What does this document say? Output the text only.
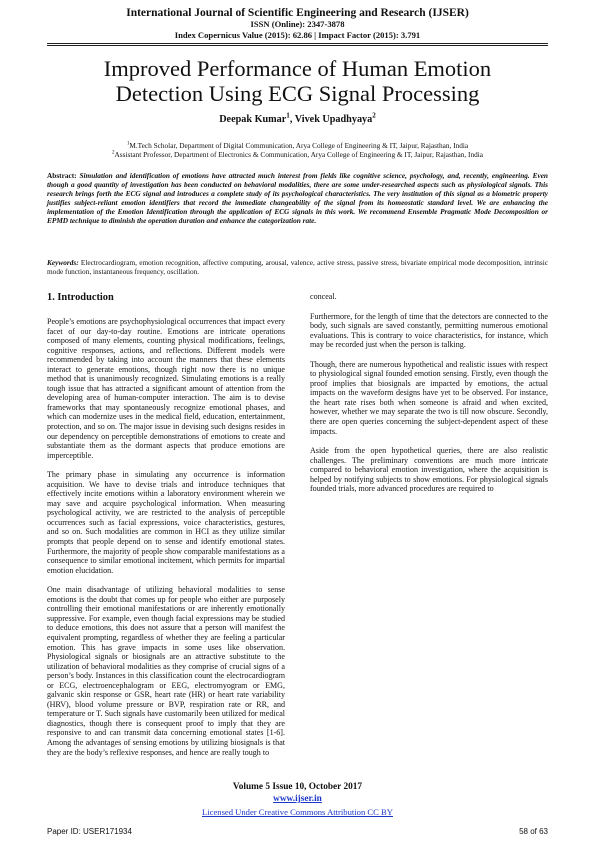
International Journal of Scientific Engineering and Research (IJSER)
ISSN (Online): 2347-3878
Index Copernicus Value (2015): 62.86 | Impact Factor (2015): 3.791
Improved Performance of Human Emotion
Detection Using ECG Signal Processing
Deepak Kumar$^1$, Vivek Upadhyaya$^2$
$^1$M.Tech Scholar, Department of Digital Communication, Arya College of Engineering & IT, Jaipur, Rajasthan, India
$^2$Assistant Professor, Department of Electronics & Communication, Arya College of Engineering & IT, Jaipur, Rajasthan, India
Abstract: Simulation and identification of emotions have attracted much interest from fields like cognitive science, psychology, and, recently, engineering. Even though a good quantity of investigation has been conducted on behavioral modalities, there are some under-researched aspects such as physiological signals. This research brings forth the ECG signal and introduces a complete study of its psychological characteristics. The very institution of this signal as a biometric property justifies subject-reliant emotion identifiers that record the immediate changeability of the signal from its homeostatic standard level. We are enhancing the implementation of the Emotion Identification through the application of ECG signals in this work. We recommend Ensemble Pragmatic Mode Decomposition or EPMD technique to diminish the operation duration and enhance the categorization rate.
Keywords: Electrocardiogram, emotion recognition, affective computing, arousal, valence, active stress, passive stress, bivariate empirical mode decomposition, intrinsic mode function, instantaneous frequency, oscillation.
1. Introduction

People’s emotions are psychophysiological occurrences that impact every facet of our day-to-day routine. Emotions are intricate operations composed of many elements, counting physical modifications, feelings, cognitive responses, actions, and reflections. Different models were recommended by taking into account the manners that these elements interact to generate emotions, though right now there is no unique method that is unanimously recognized. Simulating emotions is a really tough issue that has attracted a significant amount of attention from the developing area of human-computer interaction. The aim is to devise frameworks that may spontaneously recognize emotional phases, and which can modernize uses in the medical field, education, entertainment, protection, and so on. The major issue in devising such designs resides in our dependency on perceptible demonstrations of emotions to create and substantiate them as the dormant aspects that produce emotions are imperceptible.

The primary phase in simulating any occurrence is information acquisition. We have to devise trials and introduce techniques that effectively incite emotions within a laboratory environment wherein we may save and acquire psychological information. When measuring psychological activity, we are restricted to the analysis of perceptible occurrences such as facial expressions, voice characteristics, gestures, and so on. Such modalities are common in HCI as they utilize similar prompts that people depend on to sense and identify emotional states. Furthermore, the majority of people show comparable manifestations as a consequence to similar emotional incitement, which permits for impartial emotion elucidation.

One main disadvantage of utilizing behavioral modalities to sense emotions is the doubt that comes up for people who either are purposely controlling their emotional manifestations or are inherently emotionally suppressive. For example, even though facial expressions may be studied to deduce emotions, this does not assure that a person will manifest the equivalent prompting, regardless of whether they are feeling a particular emotion. This has grave impacts in some uses like observation. Physiological signals or biosignals are an attractive substitute to the utilization of behavioral modalities as they comprise of crucial signs of a person’s body. Instances in this classification count the electrocardiogram or ECG, electroencephalogram or EEG, electromyogram or EMG, galvanic skin response or GSR, heart rate (HR) or heart rate variability (HRV), blood volume pressure or BVP, respiration rate or RR, and temperature or T. Such signals have customarily been utilized for medical diagnostics, though there is consequent proof to imply that they are responsive to and can transmit data concerning emotional states [1-6]. Among the advantages of sensing emotions by utilizing biosignals is that they are the body’s reflexive responses, and hence are really tough to

conceal.

Furthermore, for the length of time that the detectors are connected to the body, such signals are saved constantly, permitting numerous emotional evaluations. This is contrary to voice characteristics, for instance, which may be recorded just when the person is talking.

Though, there are numerous hypothetical and realistic issues with respect to physiological signal founded emotion sensing. Firstly, even though the proof implies that biosignals are impacted by emotions, the actual impacts on the waveform designs have yet to be observed. For instance, the heart rate rises both when someone is afraid and when excited, however, whether we may separate the two is till now obscure. Secondly, there are open queries concerning the subject-dependent aspect of these impacts.

Aside from the open hypothetical queries, there are also realistic challenges. The preliminary conventions are much more intricate compared to behavioral emotion investigation, where the acquisition is helped by notifying subjects to show emotions. For physiological signals founded trials, more advanced procedures are required to

Volume 5 Issue 10, October 2017
www.ijser.in
Licensed Under Creative Commons Attribution CC BY
Paper ID: USER171934	58 of 63
